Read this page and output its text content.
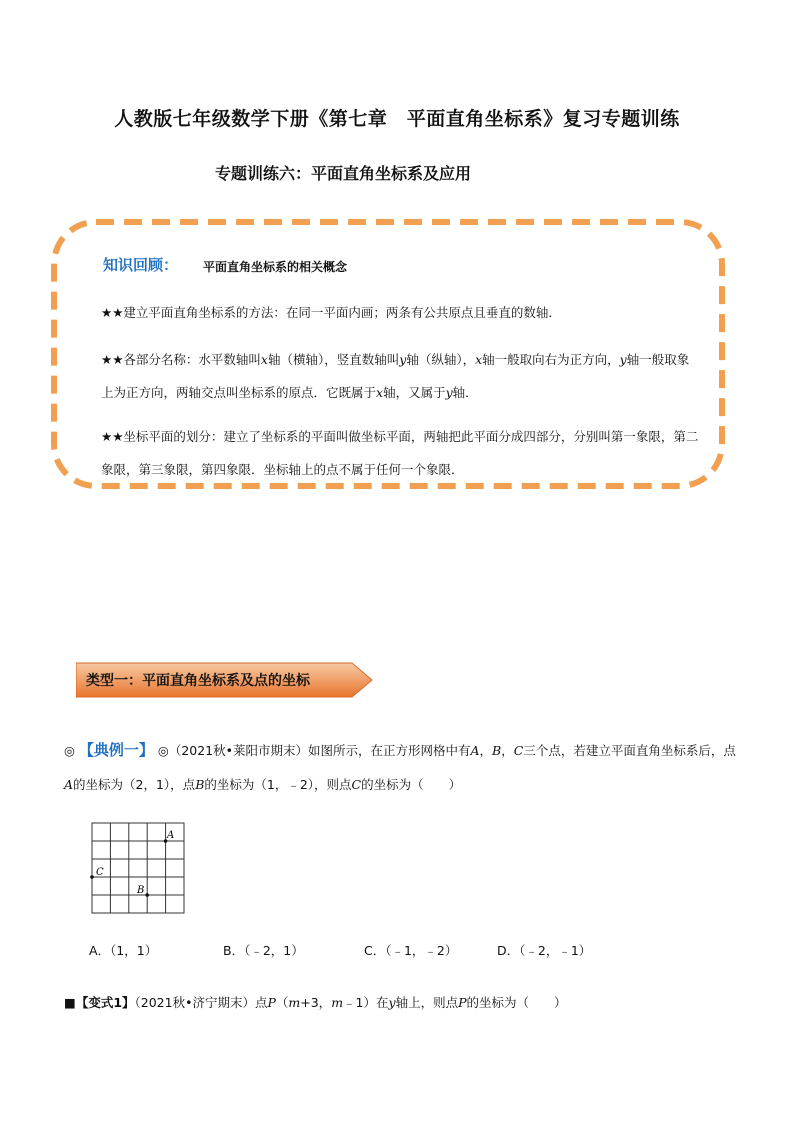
人教版七年级数学下册《第七章　平面直角坐标系》复习专题训练
专题训练六：平面直角坐标系及应用
知识回顾： 平面直角坐标系的相关概念
★★建立平面直角坐标系的方法：在同一平面内画；两条有公共原点且垂直的数轴．
★★各部分名称：水平数轴叫x轴（横轴），竖直数轴叫y轴（纵轴），x轴一般取向右为正方向，y轴一般取象上为正方向，两轴交点叫坐标系的原点．它既属于x轴，又属于y轴．
★★坐标平面的划分：建立了坐标系的平面叫做坐标平面，两轴把此平面分成四部分，分别叫第一象限，第二象限，第三象限，第四象限．坐标轴上的点不属于任何一个象限．
类型一：平面直角坐标系及点的坐标
◎ 【典例一】 ◎（2021秋•莱阳市期末）如图所示，在正方形网格中有A，B，C三个点，若建立平面直角坐标系后，点A的坐标为（2，1），点B的坐标为（1，﹣2），则点C的坐标为（　　）
A
C
B
A．（1，1）	B．（﹣2，1）	C．（﹣1，﹣2）	D．（﹣2，﹣1）
■【变式1】（2021秋•济宁期末）点P（m+3，m﹣1）在y轴上，则点P的坐标为（　　）
